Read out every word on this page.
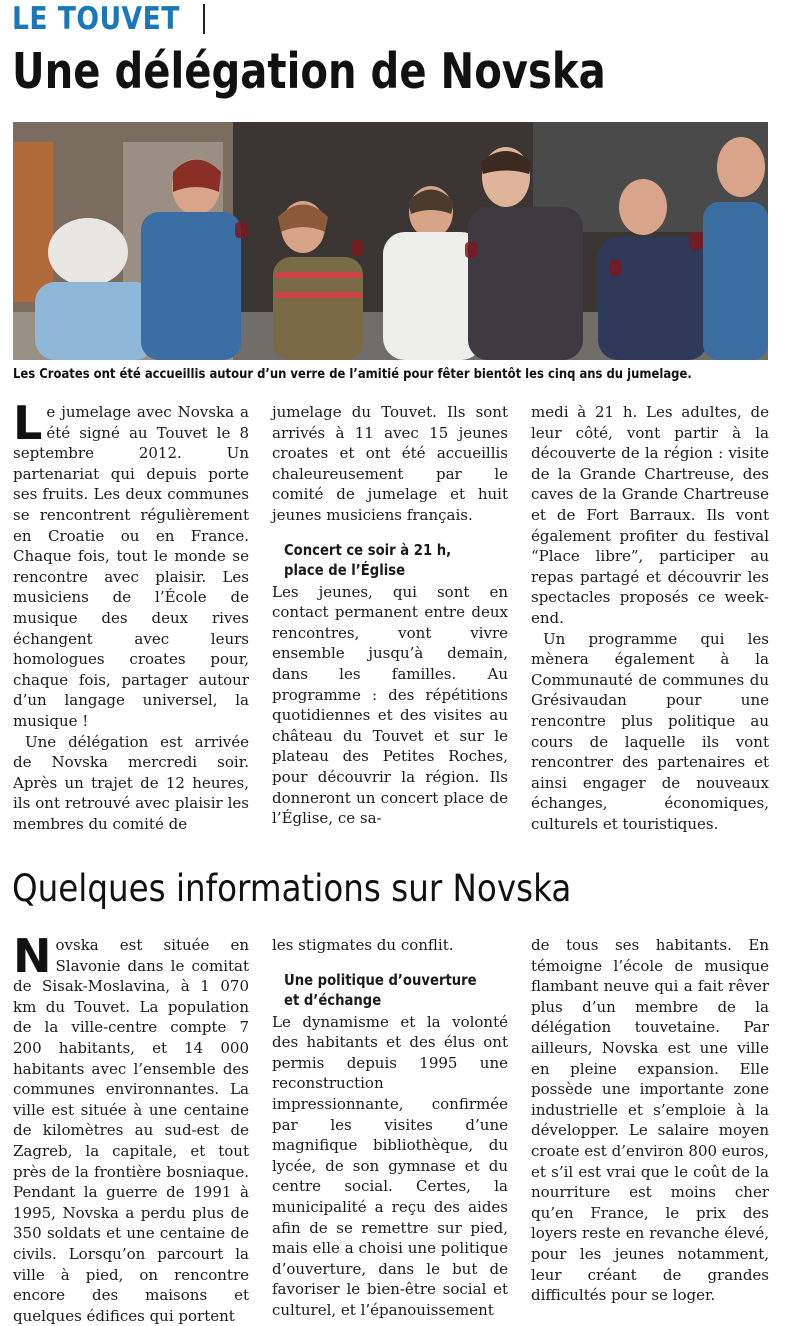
LE TOUVET
Une délégation de Novska
Les Croates ont été accueillis autour d’un verre de l’amitié pour fêter bientôt les cinq ans du jumelage.
L e jumelage avec Novska a été signé au Touvet le 8 septembre 2012. Un partenariat qui depuis porte ses fruits. Les deux communes se rencontrent régulièrement en Croatie ou en France. Chaque fois, tout le monde se rencontre avec plaisir. Les musiciens de l’École de musique des deux rives échangent avec leurs homologues croates pour, chaque fois, partager autour d’un langage universel, la musique !

Une délégation est arrivée de Novska mercredi soir. Après un trajet de 12 heures, ils ont retrouvé avec plaisir les membres du comité de

jumelage du Touvet. Ils sont arrivés à 11 avec 15 jeunes croates et ont été accueillis chaleureusement par le comité de jumelage et huit jeunes musiciens français.

Concert ce soir à 21 h, place de l’Église

Les jeunes, qui sont en contact permanent entre deux rencontres, vont vivre ensemble jusqu’à demain, dans les familles. Au programme : des répétitions quotidiennes et des visites au château du Touvet et sur le plateau des Petites Roches, pour découvrir la région. Ils donneront un concert place de l’Église, ce sa-

medi à 21 h. Les adultes, de leur côté, vont partir à la découverte de la région : visite de la Grande Chartreuse, des caves de la Grande Chartreuse et de Fort Barraux. Ils vont également profiter du festival “Place libre”, participer au repas partagé et découvrir les spectacles proposés ce week-end.

Un programme qui les mènera également à la Communauté de communes du Grésivaudan pour une rencontre plus politique au cours de laquelle ils vont rencontrer des partenaires et ainsi engager de nouveaux échanges, économiques, culturels et touristiques.

Quelques informations sur Novska
N ovska est située en Slavonie dans le comitat de Sisak-Moslavina, à 1 070 km du Touvet. La population de la ville-centre compte 7 200 habitants, et 14 000 habitants avec l’ensemble des communes environnantes. La ville est située à une centaine de kilomètres au sud-est de Zagreb, la capitale, et tout près de la frontière bosniaque. Pendant la guerre de 1991 à 1995, Novska a perdu plus de 350 soldats et une centaine de civils. Lorsqu’on parcourt la ville à pied, on rencontre encore des maisons et quelques édifices qui portent

les stigmates du conflit.

Une politique d’ouverture et d’échange

Le dynamisme et la volonté des habitants et des élus ont permis depuis 1995 une reconstruction impressionnante, confirmée par les visites d’une magnifique bibliothèque, du lycée, de son gymnase et du centre social. Certes, la municipalité a reçu des aides afin de se remettre sur pied, mais elle a choisi une politique d’ouverture, dans le but de favoriser le bien-être social et culturel, et l’épanouissement

de tous ses habitants. En témoigne l’école de musique flambant neuve qui a fait rêver plus d’un membre de la délégation touvetaine. Par ailleurs, Novska est une ville en pleine expansion. Elle possède une importante zone industrielle et s’emploie à la développer. Le salaire moyen croate est d’environ 800 euros, et s’il est vrai que le coût de la nourriture est moins cher qu’en France, le prix des loyers reste en revanche élevé, pour les jeunes notamment, leur créant de grandes difficultés pour se loger.
